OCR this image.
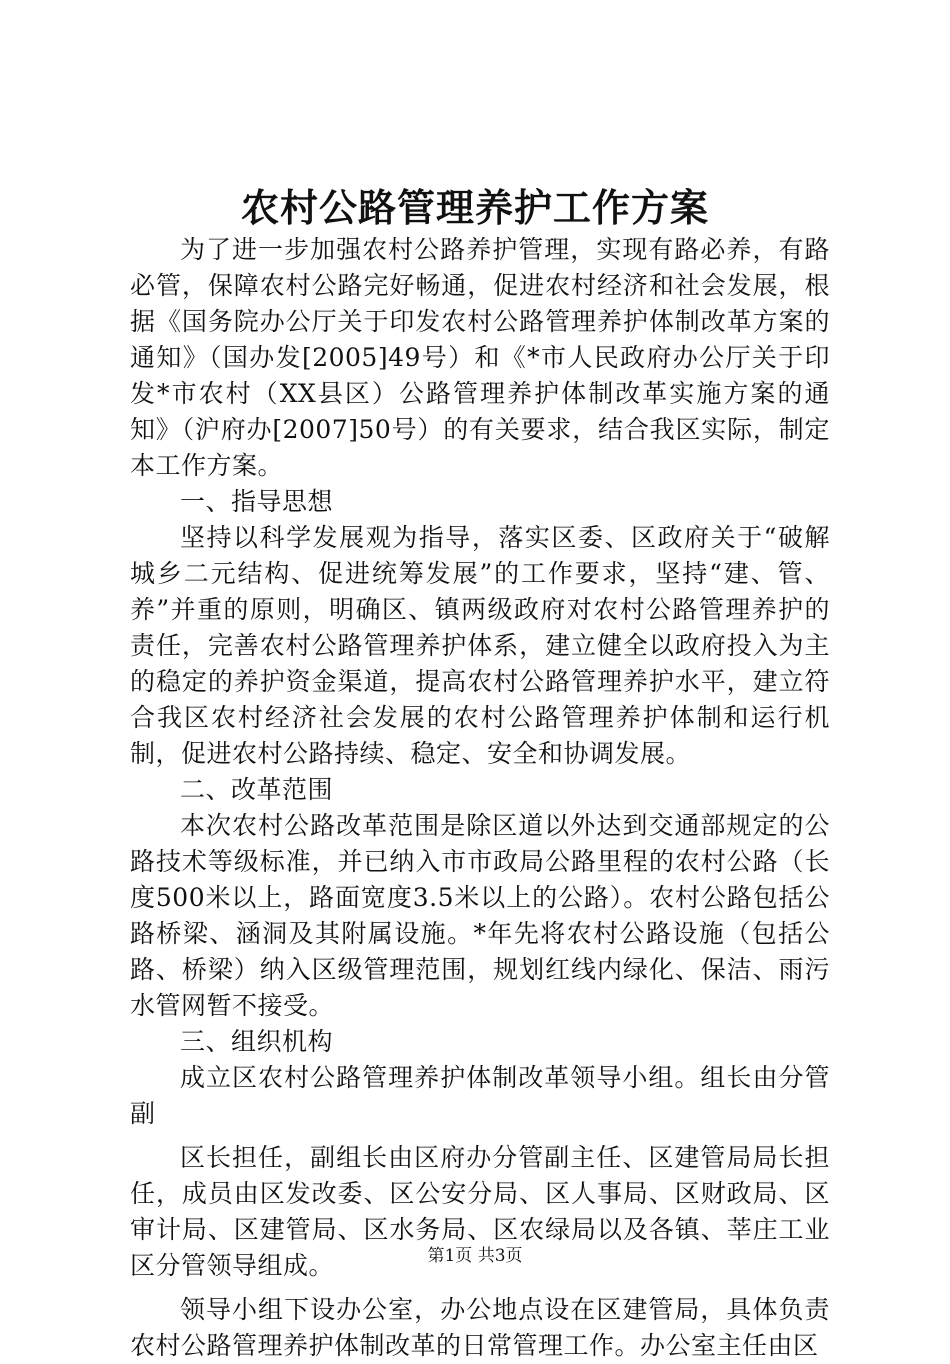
农村公路管理养护工作方案

为了进一步加强农村公路养护管理，实现有路必养，有路必管，保障农村公路完好畅通，促进农村经济和社会发展，根据《国务院办公厅关于印发农村公路管理养护体制改革方案的通知》（国办发[2005]49号）和《*市人民政府办公厅关于印发*市农村（XX县区）公路管理养护体制改革实施方案的通知》（沪府办[2007]50号）的有关要求，结合我区实际，制定本工作方案。

一、指导思想

坚持以科学发展观为指导，落实区委、区政府关于“破解城乡二元结构、促进统筹发展”的工作要求，坚持“建、管、养”并重的原则，明确区、镇两级政府对农村公路管理养护的责任，完善农村公路管理养护体系，建立健全以政府投入为主的稳定的养护资金渠道，提高农村公路管理养护水平，建立符合我区农村经济社会发展的农村公路管理养护体制和运行机制，促进农村公路持续、稳定、安全和协调发展。

二、改革范围

本次农村公路改革范围是除区道以外达到交通部规定的公路技术等级标准，并已纳入市市政局公路里程的农村公路（长度500米以上，路面宽度3.5米以上的公路）。农村公路包括公路桥梁、涵洞及其附属设施。*年先将农村公路设施（包括公路、桥梁）纳入区级管理范围，规划红线内绿化、保洁、雨污水管网暂不接受。

三、组织机构

成立区农村公路管理养护体制改革领导小组。组长由分管副

区长担任，副组长由区府办分管副主任、区建管局局长担任，成员由区发改委、区公安分局、区人事局、区财政局、区审计局、区建管局、区水务局、区农绿局以及各镇、莘庄工业区分管领导组成。

领导小组下设办公室，办公地点设在区建管局，具体负责农村公路管理养护体制改革的日常管理工作。办公室主任由区

第1页 共3页
